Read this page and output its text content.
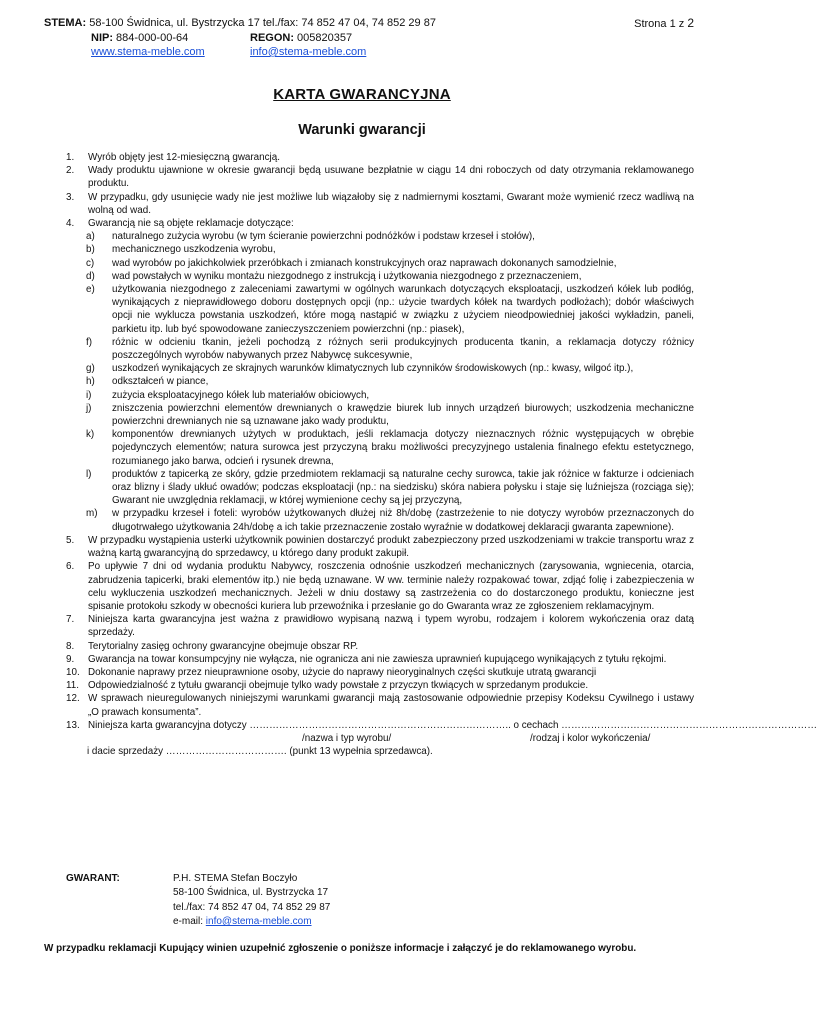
STEMA: 58-100 Świdnica, ul. Bystrzycka 17 tel./fax: 74 852 47 04, 74 852 29 87	Strona 1 z 2
NIP: 884-000-00-64	REGON: 005820357
www.stema-meble.com	info@stema-meble.com
KARTA GWARANCYJNA
Warunki gwarancji
1. Wyrób objęty jest 12-miesięczną gwarancją.
2. Wady produktu ujawnione w okresie gwarancji będą usuwane bezpłatnie w ciągu 14 dni roboczych od daty otrzymania reklamowanego produktu.
3. W przypadku, gdy usunięcie wady nie jest możliwe lub wiązałoby się z nadmiernymi kosztami, Gwarant może wymienić rzecz wadliwą na wolną od wad.
4. Gwarancją nie są objęte reklamacje dotyczące:
a) naturalnego zużycia wyrobu (w tym ścieranie powierzchni podnóżków i podstaw krzeseł i stołów),
b) mechanicznego uszkodzenia wyrobu,
c) wad wyrobów po jakichkolwiek przeróbkach i zmianach konstrukcyjnych oraz naprawach dokonanych samodzielnie,
d) wad powstałych w wyniku montażu niezgodnego z instrukcją i użytkowania niezgodnego z przeznaczeniem,
e) użytkowania niezgodnego z zaleceniami zawartymi w ogólnych warunkach dotyczących eksploatacji, uszkodzeń kółek lub podłóg, wynikających z nieprawidłowego doboru dostępnych opcji (np.: użycie twardych kółek na twardych podłożach); dobór właściwych opcji nie wyklucza powstania uszkodzeń, które mogą nastąpić w związku z użyciem nieodpowiedniej jakości wykładzin, paneli, parkietu itp. lub być spowodowane zanieczyszczeniem powierzchni (np.: piasek),
f) różnic w odcieniu tkanin, jeżeli pochodzą z różnych serii produkcyjnych producenta tkanin, a reklamacja dotyczy różnicy poszczególnych wyrobów nabywanych przez Nabywcę sukcesywnie,
g) uszkodzeń wynikających ze skrajnych warunków klimatycznych lub czynników środowiskowych (np.: kwasy, wilgoć itp.),
h) odkształceń w piance,
i) zużycia eksploatacyjnego kółek lub materiałów obiciowych,
j) zniszczenia powierzchni elementów drewnianych o krawędzie biurek lub innych urządzeń biurowych; uszkodzenia mechaniczne powierzchni drewnianych nie są uznawane jako wady produktu,
k) komponentów drewnianych użytych w produktach, jeśli reklamacja dotyczy nieznacznych różnic występujących w obrębie pojedynczych elementów; natura surowca jest przyczyną braku możliwości precyzyjnego ustalenia finalnego efektu estetycznego, rozumianego jako barwa, odcień i rysunek drewna,
l) produktów z tapicerką ze skóry, gdzie przedmiotem reklamacji są naturalne cechy surowca, takie jak różnice w fakturze i odcieniach oraz blizny i ślady ukłuć owadów; podczas eksploatacji (np.: na siedzisku) skóra nabiera połysku i staje się luźniejsza (rozciąga się); Gwarant nie uwzględnia reklamacji, w której wymienione cechy są jej przyczyną,
m) w przypadku krzeseł i foteli: wyrobów użytkowanych dłużej niż 8h/dobę (zastrzeżenie to nie dotyczy wyrobów przeznaczonych do długotrwałego użytkowania 24h/dobę a ich takie przeznaczenie zostało wyraźnie w dodatkowej deklaracji gwaranta zapewnione).
5. W przypadku wystąpienia usterki użytkownik powinien dostarczyć produkt zabezpieczony przed uszkodzeniami w trakcie transportu wraz z ważną kartą gwarancyjną do sprzedawcy, u którego dany produkt zakupił.
6. Po upływie 7 dni od wydania produktu Nabywcy, roszczenia odnośnie uszkodzeń mechanicznych (zarysowania, wgniecenia, otarcia, zabrudzenia tapicerki, braki elementów itp.) nie będą uznawane. W ww. terminie należy rozpakować towar, zdjąć folię i zabezpieczenia w celu wykluczenia uszkodzeń mechanicznych. Jeżeli w dniu dostawy są zastrzeżenia co do dostarczonego produktu, konieczne jest spisanie protokołu szkody w obecności kuriera lub przewoźnika i przesłanie go do Gwaranta wraz ze zgłoszeniem reklamacyjnym.
7. Niniejsza karta gwarancyjna jest ważna z prawidłowo wypisaną nazwą i typem wyrobu, rodzajem i kolorem wykończenia oraz datą sprzedaży.
8. Terytorialny zasięg ochrony gwarancyjne obejmuje obszar RP.
9. Gwarancja na towar konsumpcyjny nie wyłącza, nie ogranicza ani nie zawiesza uprawnień kupującego wynikających z tytułu rękojmi.
10. Dokonanie naprawy przez nieuprawnione osoby, użycie do naprawy nieoryginalnych części skutkuje utratą gwarancji
11. Odpowiedzialność z tytułu gwarancji obejmuje tylko wady powstałe z przyczyn tkwiących w sprzedanym produkcie.
12. W sprawach nieuregulowanych niniejszymi warunkami gwarancji mają zastosowanie odpowiednie przepisy Kodeksu Cywilnego i ustawy „O prawach konsumenta”.
13. Niniejsza karta gwarancyjna dotyczy …………………………………………………………………….. o cechach ……………………………………………………………………
/nazwa i typ wyrobu/	/rodzaj i kolor wykończenia/
i dacie sprzedaży ………………………………. (punkt 13 wypełnia sprzedawca).
GWARANT:	P.H. STEMA Stefan Boczyło
58-100 Świdnica, ul. Bystrzycka 17
tel./fax: 74 852 47 04, 74 852 29 87
e-mail: info@stema-meble.com
W przypadku reklamacji Kupujący winien uzupełnić zgłoszenie o poniższe informacje i załączyć je do reklamowanego wyrobu.
